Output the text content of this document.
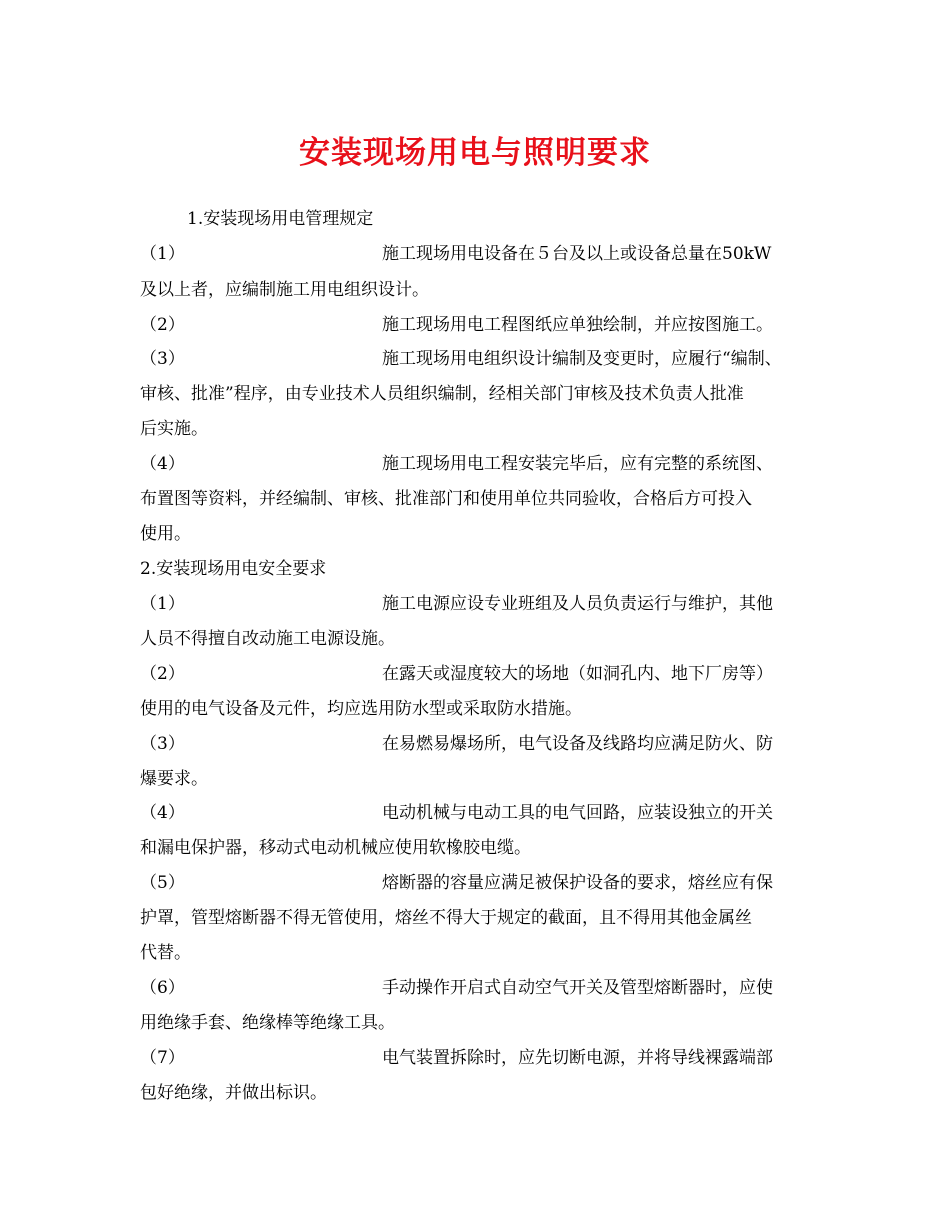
安装现场用电与照明要求
1.安装现场用电管理规定
（1）	施工现场用电设备在５台及以上或设备总量在50kW
及以上者，应编制施工用电组织设计。
（2）	施工现场用电工程图纸应单独绘制，并应按图施工。
（3）	施工现场用电组织设计编制及变更时，应履行“编制、
审核、批准”程序，由专业技术人员组织编制，经相关部门审核及技术负责人批准
后实施。
（4）	施工现场用电工程安装完毕后，应有完整的系统图、
布置图等资料，并经编制、审核、批准部门和使用单位共同验收，合格后方可投入
使用。
2.安装现场用电安全要求
（1）	施工电源应设专业班组及人员负责运行与维护，其他
人员不得擅自改动施工电源设施。
（2）	在露天或湿度较大的场地（如洞孔内、地下厂房等）
使用的电气设备及元件，均应选用防水型或采取防水措施。
（3）	在易燃易爆场所，电气设备及线路均应满足防火、防
爆要求。
（4）	电动机械与电动工具的电气回路，应装设独立的开关
和漏电保护器，移动式电动机械应使用软橡胶电缆。
（5）	熔断器的容量应满足被保护设备的要求，熔丝应有保
护罩，管型熔断器不得无管使用，熔丝不得大于规定的截面，且不得用其他金属丝
代替。
（6）	手动操作开启式自动空气开关及管型熔断器时，应使
用绝缘手套、绝缘棒等绝缘工具。
（7）	电气装置拆除时，应先切断电源，并将导线裸露端部
包好绝缘，并做出标识。
